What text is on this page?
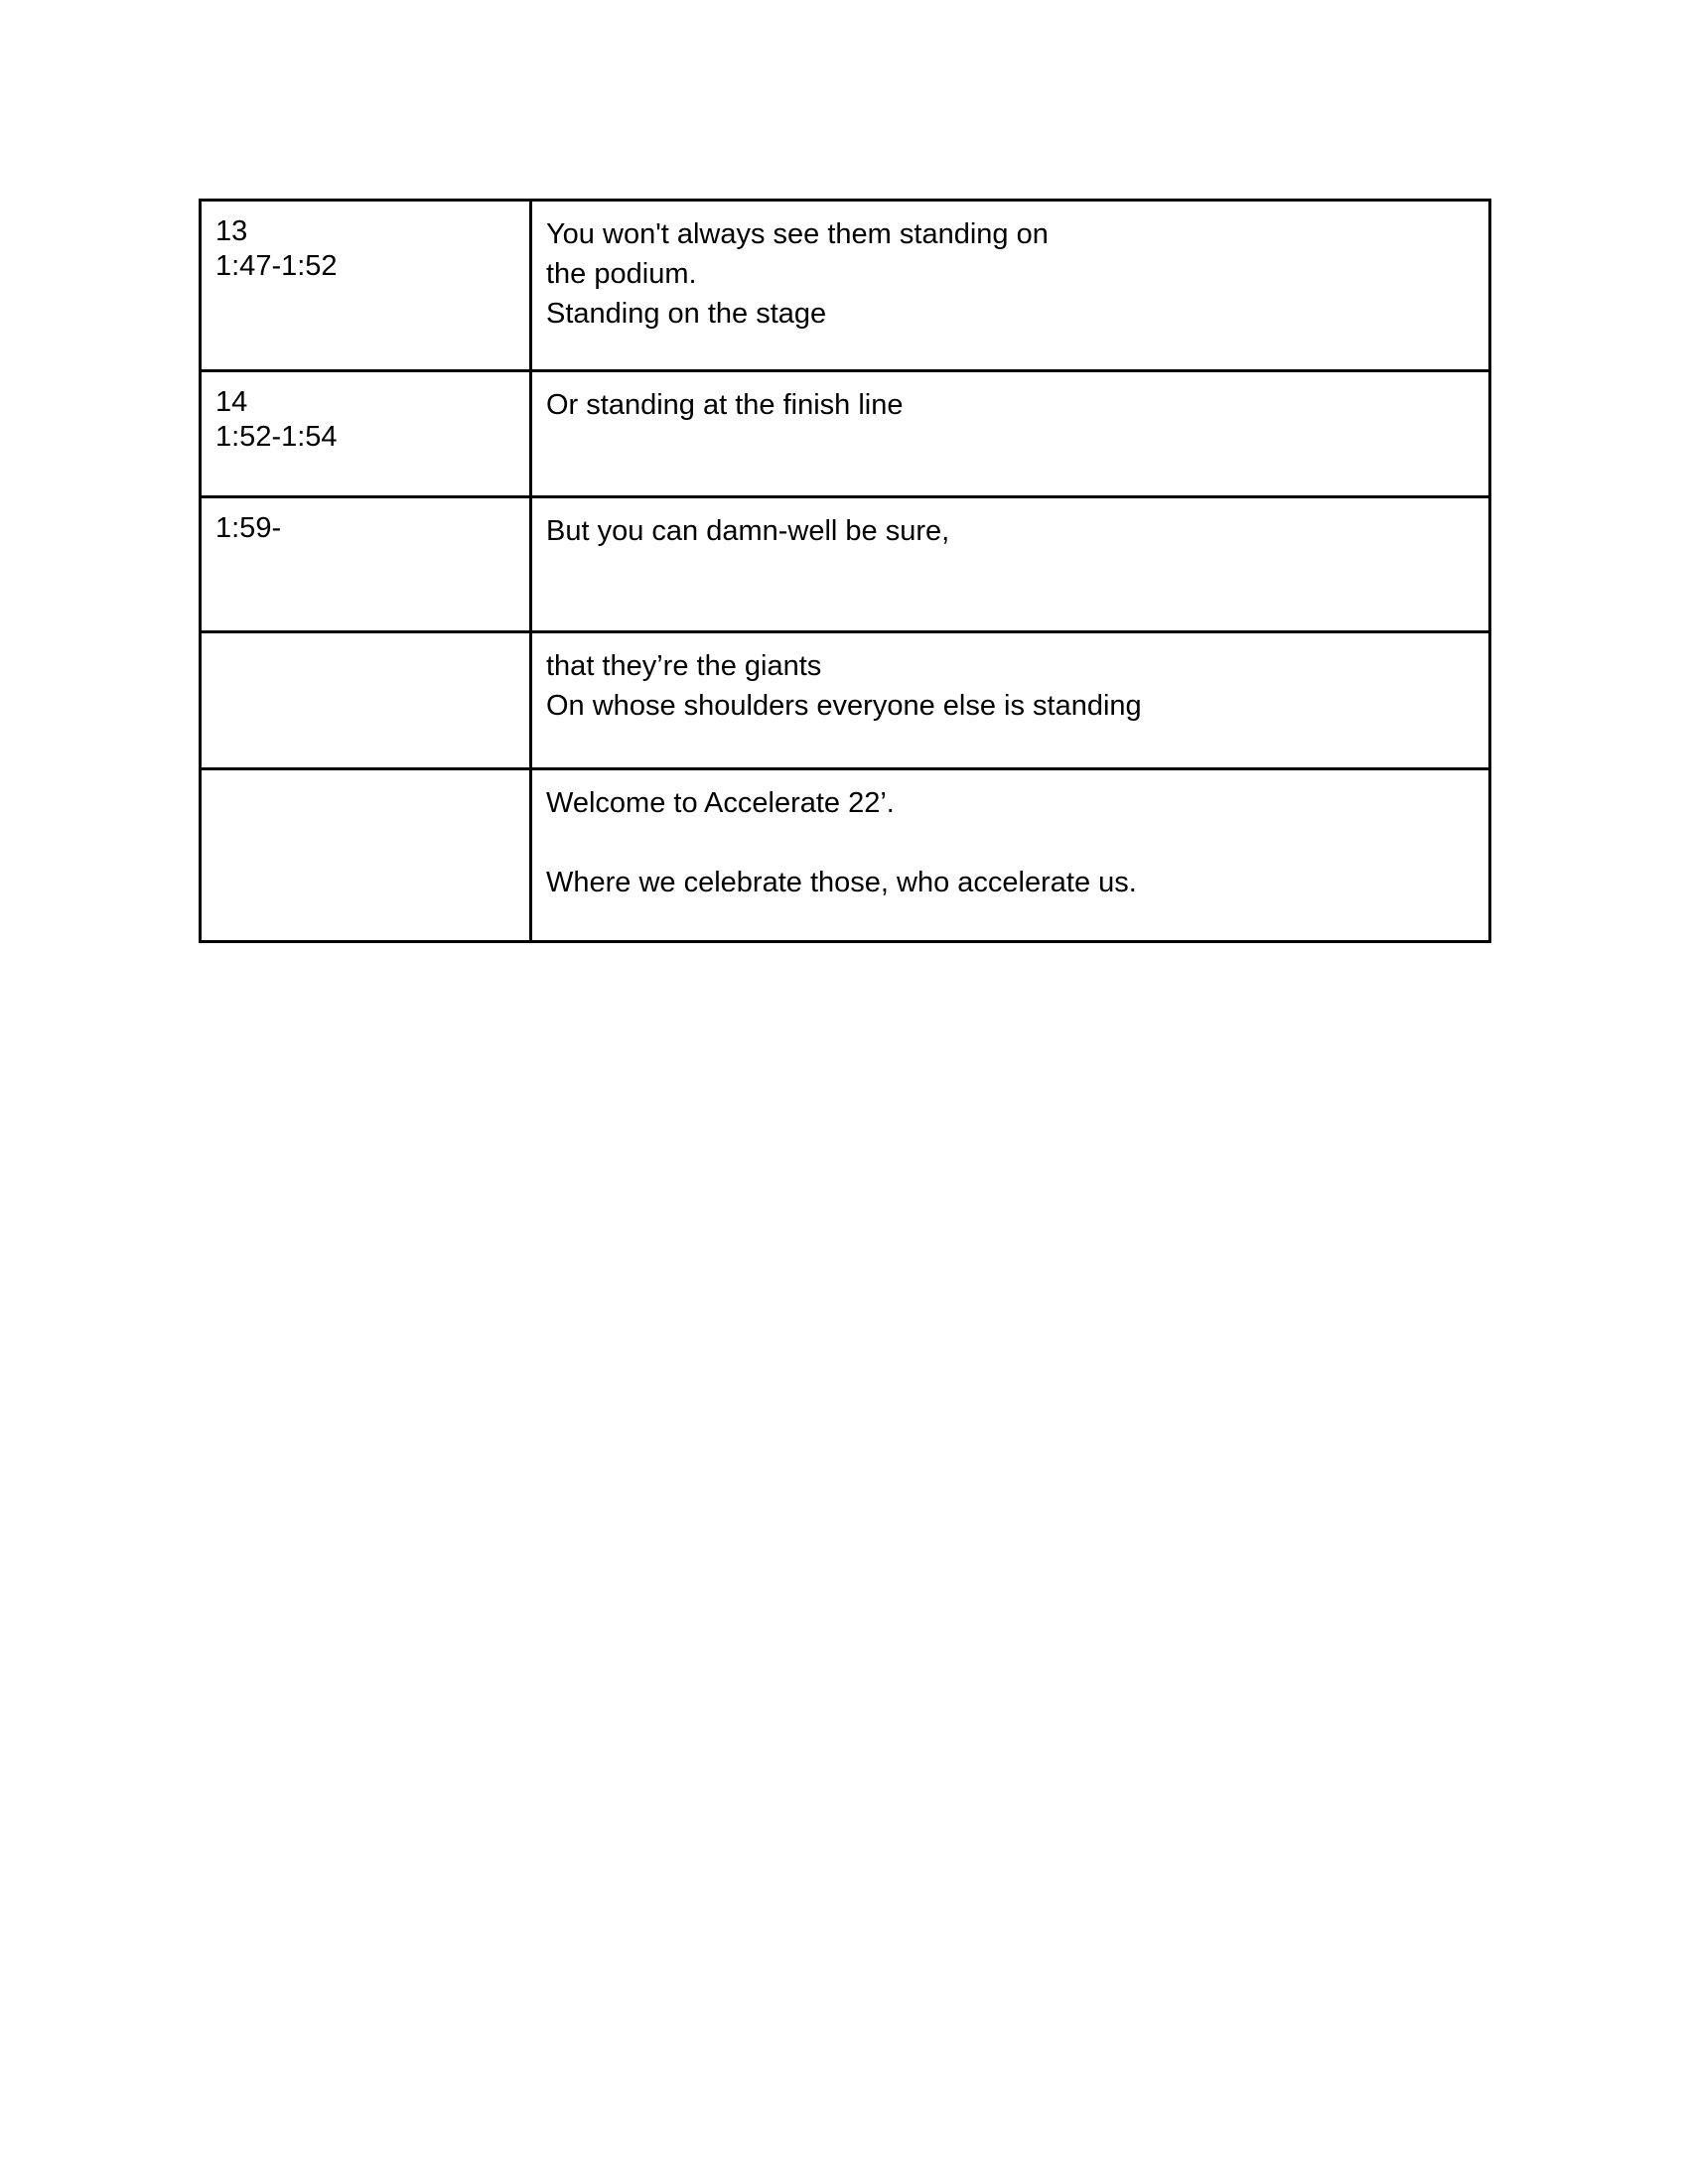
13
1:47-1:52	You won't always see them standing on
the podium.
Standing on the stage

14
1:52-1:54	Or standing at the finish line

1:59-	But you can damn-well be sure,

	that they’re the giants
On whose shoulders everyone else is standing

	Welcome to Accelerate 22’.
Where we celebrate those, who accelerate us.
